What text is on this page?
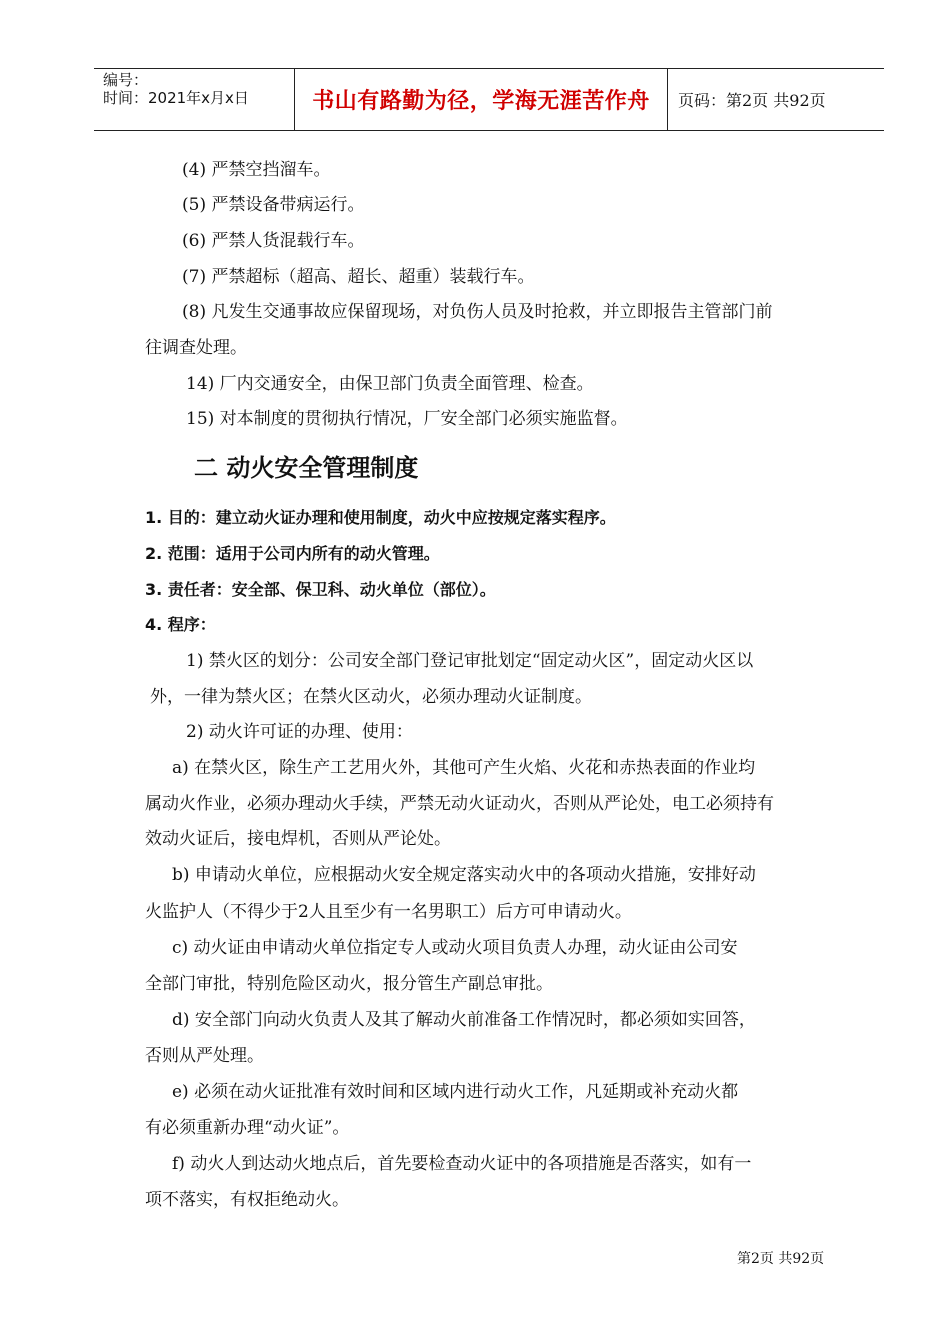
编号：
时间：2021年x月x日	书山有路勤为径，学海无涯苦作舟 页码：第2页 共92页
(4) 严禁空挡溜车。
(5) 严禁设备带病运行。
(6) 严禁人货混载行车。
(7) 严禁超标（超高、超长、超重）装载行车。
(8) 凡发生交通事故应保留现场，对负伤人员及时抢救，并立即报告主管部门前
往调查处理。
14) 厂内交通安全，由保卫部门负责全面管理、检查。
15) 对本制度的贯彻执行情况，厂安全部门必须实施监督。
二 动火安全管理制度
1. 目的：建立动火证办理和使用制度，动火中应按规定落实程序。
2. 范围：适用于公司内所有的动火管理。
3. 责任者：安全部、保卫科、动火单位（部位）。
4. 程序：
1) 禁火区的划分：公司安全部门登记审批划定“固定动火区”，固定动火区以
外，一律为禁火区；在禁火区动火，必须办理动火证制度。
2) 动火许可证的办理、使用：
a) 在禁火区，除生产工艺用火外，其他可产生火焰、火花和赤热表面的作业均
属动火作业，必须办理动火手续，严禁无动火证动火，否则从严论处，电工必须持有
效动火证后，接电焊机，否则从严论处。
b) 申请动火单位，应根据动火安全规定落实动火中的各项动火措施，安排好动
火监护人（不得少于2人且至少有一名男职工）后方可申请动火。
c) 动火证由申请动火单位指定专人或动火项目负责人办理，动火证由公司安
全部门审批，特别危险区动火，报分管生产副总审批。
d) 安全部门向动火负责人及其了解动火前准备工作情况时，都必须如实回答，
否则从严处理。
e) 必须在动火证批准有效时间和区域内进行动火工作，凡延期或补充动火都
有必须重新办理“动火证”。
f) 动火人到达动火地点后，首先要检查动火证中的各项措施是否落实，如有一
项不落实，有权拒绝动火。
第2页 共92页
